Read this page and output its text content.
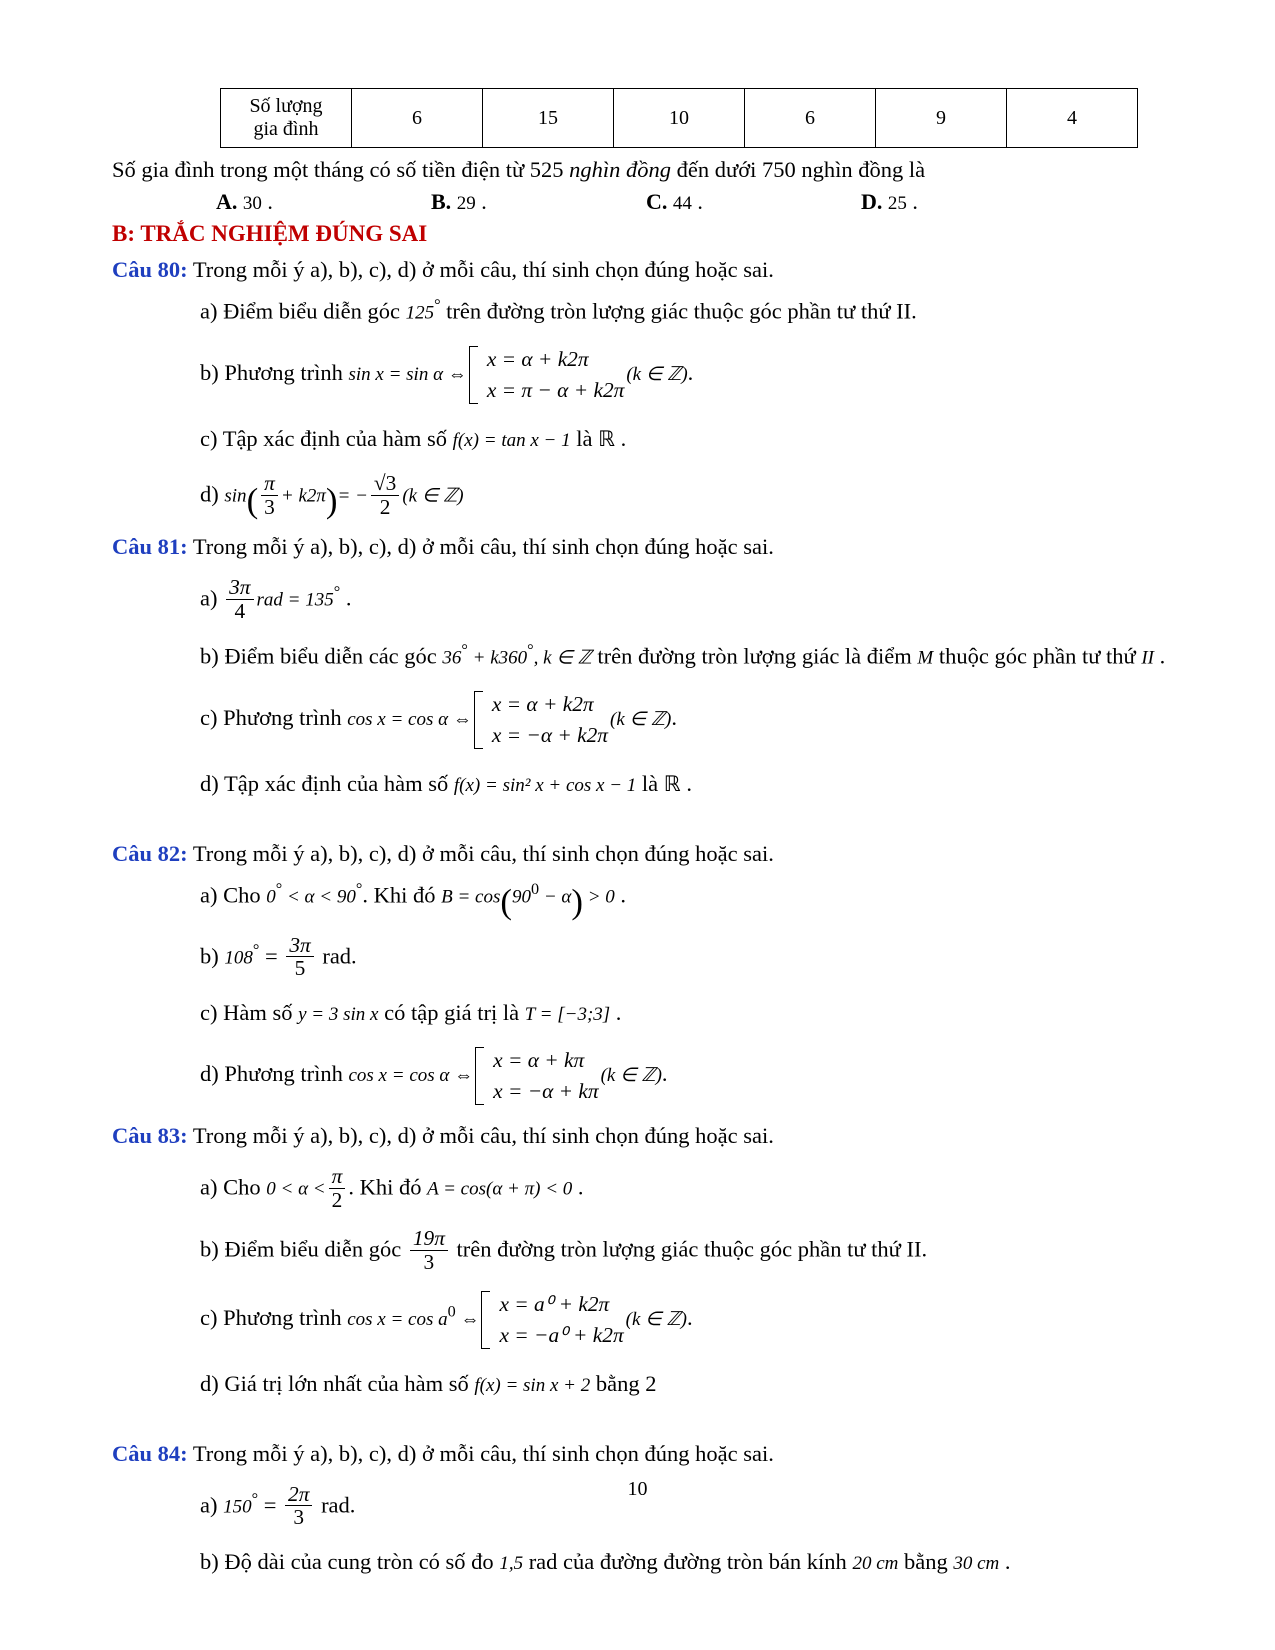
Số lượng
gia đình	6	15	10	6	9	4
Số gia đình trong một tháng có số tiền điện từ 525 nghìn đồng đến dưới 750 nghìn đồng là
A. 30 .	B. 29 .	C. 44 .	D. 25 .
B: TRẮC NGHIỆM ĐÚNG SAI
Câu 80: Trong mỗi ý a), b), c), d) ở mỗi câu, thí sinh chọn đúng hoặc sai.
a) Điểm biểu diễn góc 125° trên đường tròn lượng giác thuộc góc phần tư thứ II.
b) Phương trình sin x = sin α ⇔
x = α + k2π
x = π − α + k2π
(k ∈ ℤ).
c) Tập xác định của hàm số f(x) = tan x − 1 là ℝ .
d) $\sin( \frac{\pi}{3} + k2\pi)= - \frac{√3}{2} (k$ ∈ ℤ)
Câu 81: Trong mỗi ý a), b), c), d) ở mỗi câu, thí sinh chọn đúng hoặc sai.
$a) \frac{3\pi}{4}$ rad = 135° .
b) Điểm biểu diễn các góc 36° + k360°, k ∈ ℤ trên đường tròn lượng giác là điểm M thuộc góc phần tư thứ II .
c) Phương trình cos x = cos α ⇔
x = α + k2π
x = −α + k2π
(k ∈ ℤ).
d) Tập xác định của hàm số f(x) = sin² x + cos x − 1 là ℝ .
Câu 82: Trong mỗi ý a), b), c), d) ở mỗi câu, thí sinh chọn đúng hoặc sai.
a) Cho 0° < α < 90°. Khi đó $B = \cos(90^0 - \alpha) > 0$ .
b) $108^\circ = \frac{3\pi}{5}$ rad.
c) Hàm số y = 3 sin x có tập giá trị là T = [−3;3] .
d) Phương trình cos x = cos α ⇔
x = α + kπ
x = −α + kπ
(k ∈ ℤ).
Câu 83: Trong mỗi ý a), b), c), d) ở mỗi câu, thí sinh chọn đúng hoặc sai.
a) Cho $0 < \alpha < \frac{\pi}{2}$ . Khi đó A = cos(α + π) < 0 .
b) Điểm biểu diễn góc $\frac{19\pi}{3}$ trên đường tròn lượng giác thuộc góc phần tư thứ II.
c) Phương trình $\cos x = \cos a^0$ ⇔
x = a⁰ + k2π
x = −a⁰ + k2π
(k ∈ ℤ).
d) Giá trị lớn nhất của hàm số f(x) = sin x + 2 bằng 2
Câu 84: Trong mỗi ý a), b), c), d) ở mỗi câu, thí sinh chọn đúng hoặc sai.
a) $150^\circ = \frac{2\pi}{3}$ rad.
b) Độ dài của cung tròn có số đo 1,5 rad của đường đường tròn bán kính 20 cm bằng 30 cm .
10
